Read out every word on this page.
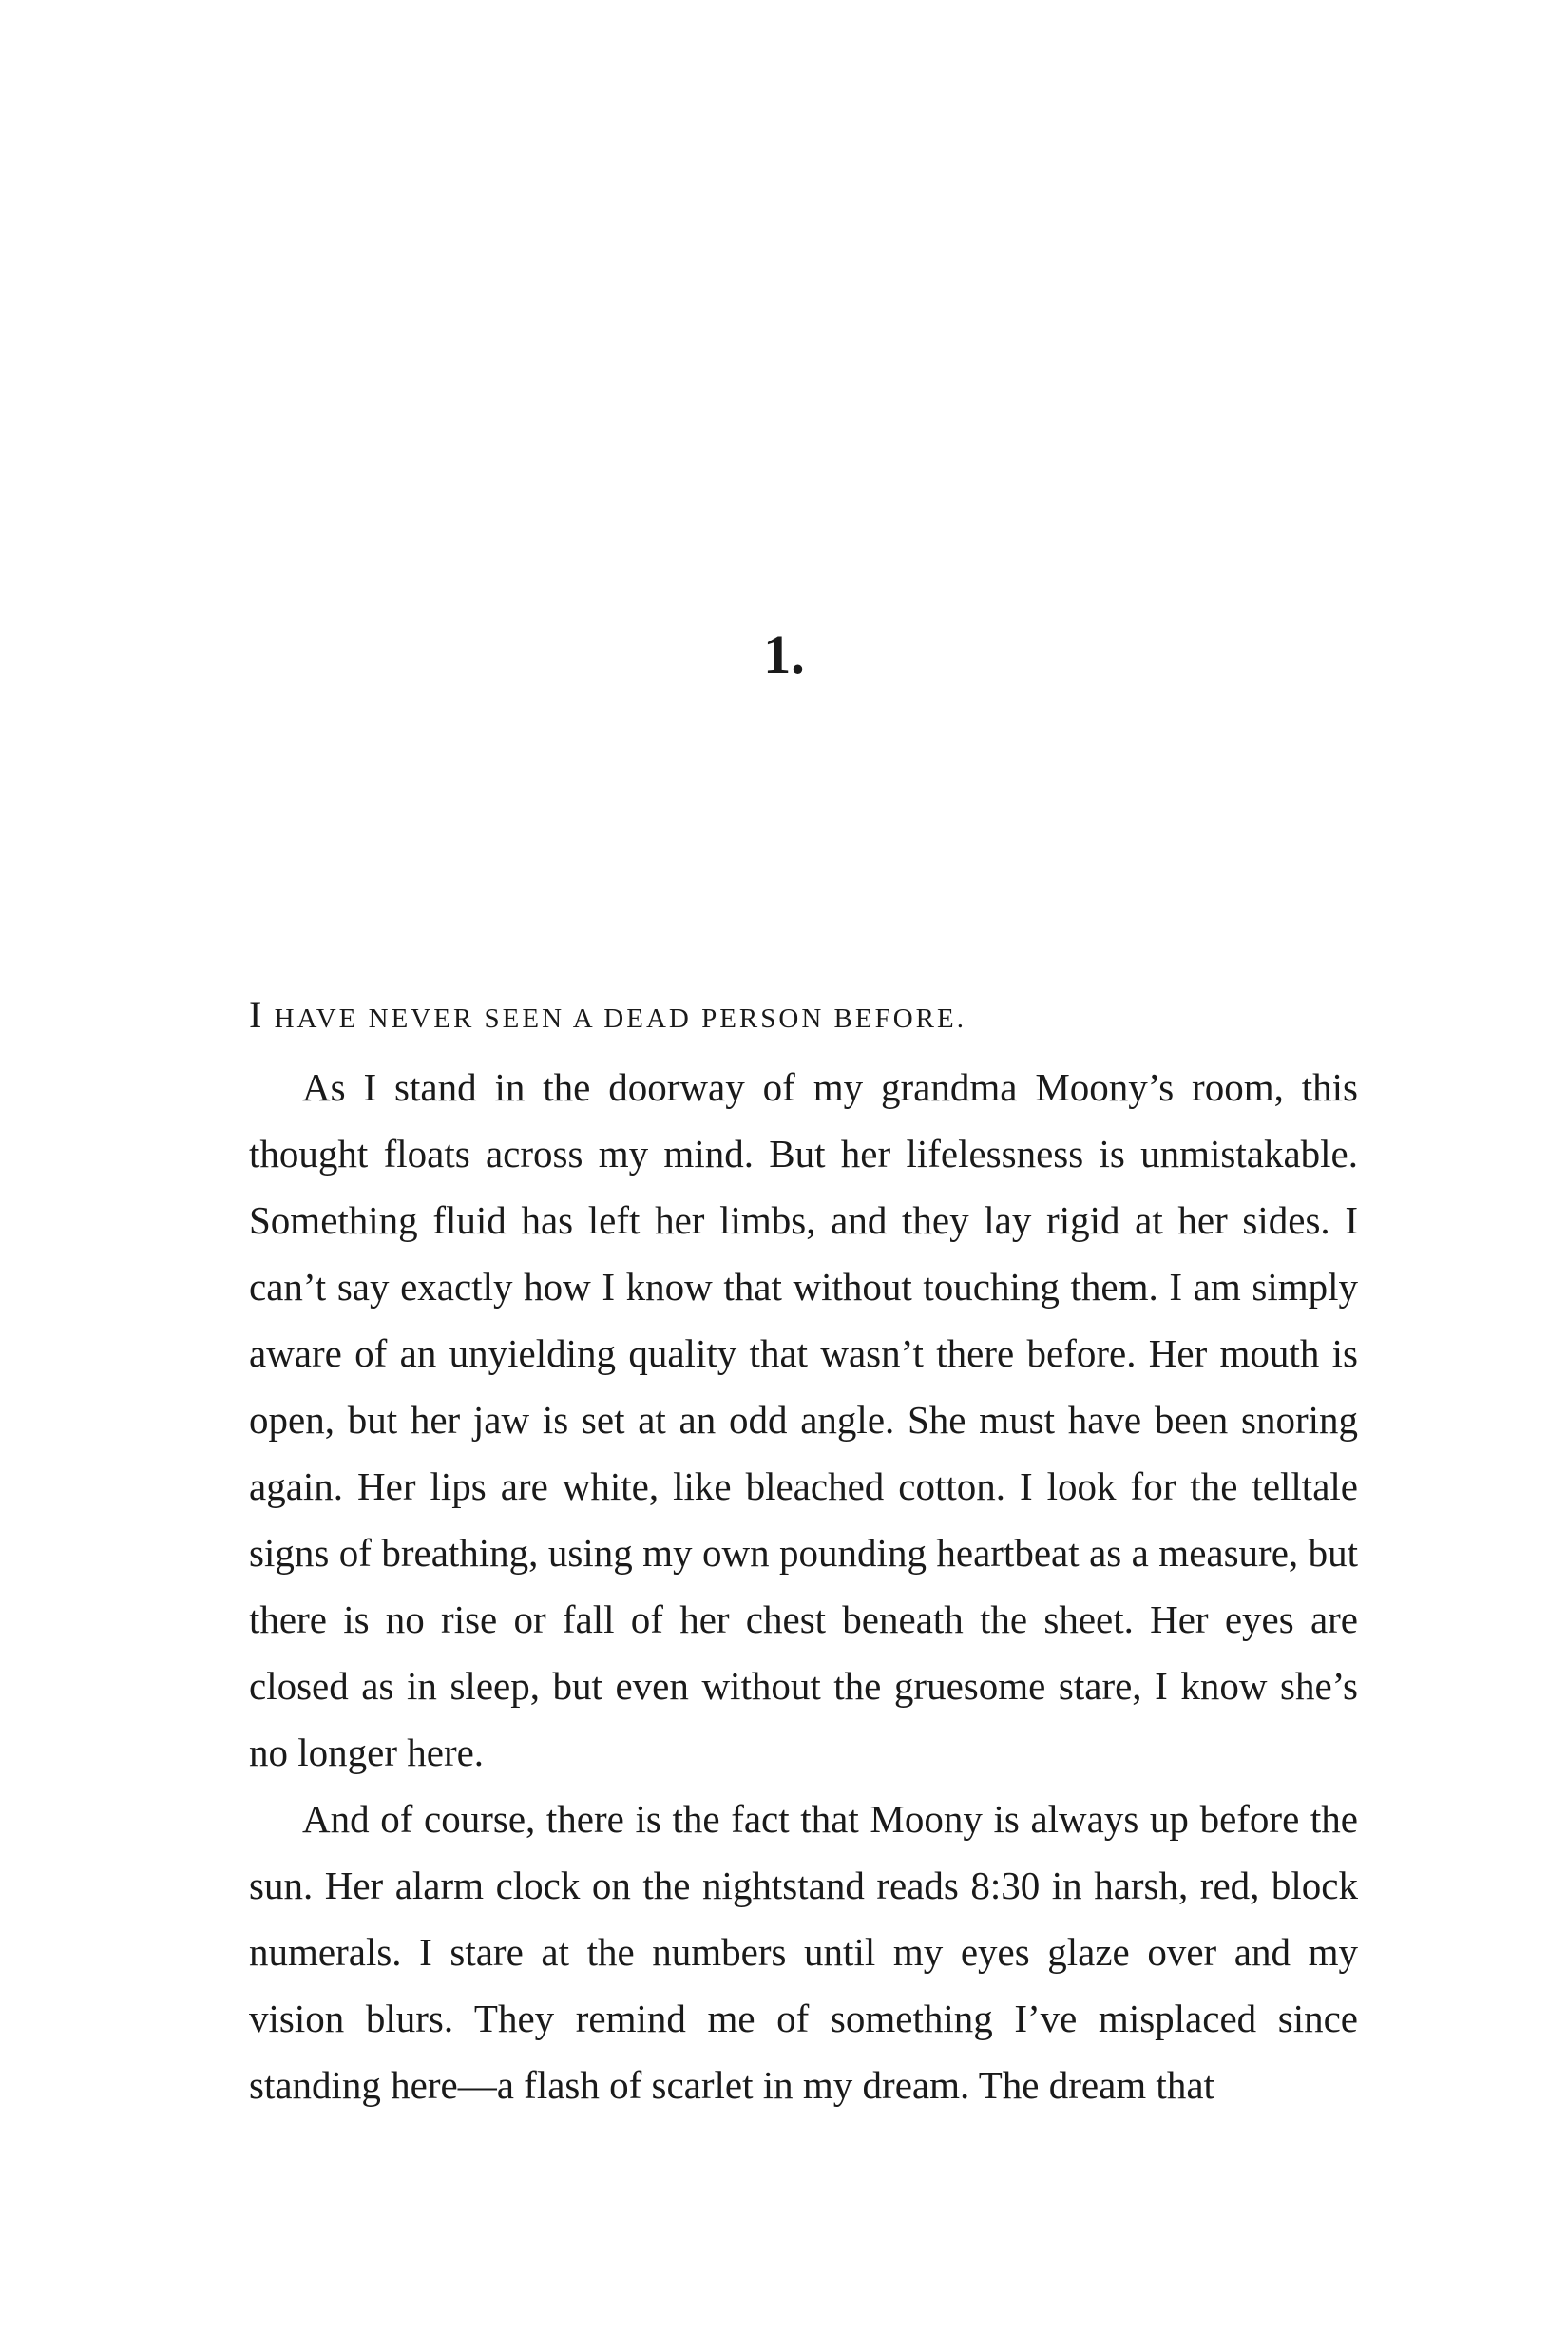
1.

I HAVE NEVER SEEN A DEAD PERSON BEFORE.

As I stand in the doorway of my grandma Moony’s room, this thought floats across my mind. But her lifelessness is unmistakable. Something fluid has left her limbs, and they lay rigid at her sides. I can’t say exactly how I know that without touching them. I am simply aware of an unyielding quality that wasn’t there before. Her mouth is open, but her jaw is set at an odd angle. She must have been snoring again. Her lips are white, like bleached cotton. I look for the telltale signs of breathing, using my own pounding heartbeat as a measure, but there is no rise or fall of her chest beneath the sheet. Her eyes are closed as in sleep, but even without the gruesome stare, I know she’s no longer here.

And of course, there is the fact that Moony is always up before the sun. Her alarm clock on the nightstand reads 8:30 in harsh, red, block numerals. I stare at the numbers until my eyes glaze over and my vision blurs. They remind me of something I’ve misplaced since standing here—a flash of scarlet in my dream. The dream that
